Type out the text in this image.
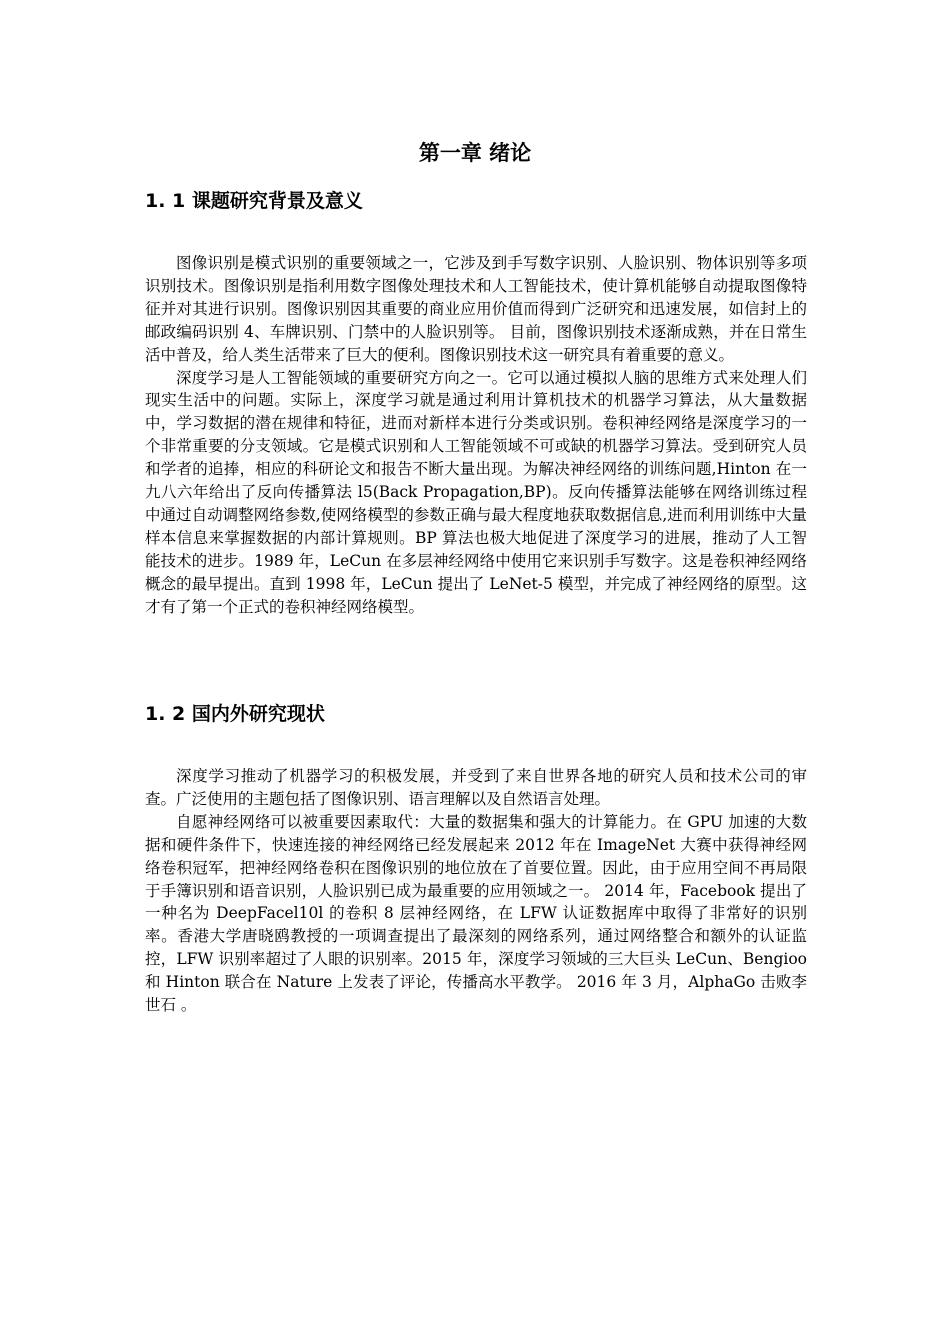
第一章 绪论
1. 1 课题研究背景及意义

图像识别是模式识别的重要领域之一，它涉及到手写数字识别、人脸识别、物体识别等多项识别技术。图像识别是指利用数字图像处理技术和人工智能技术，使计算机能够自动提取图像特征并对其进行识别。图像识别因其重要的商业应用价值而得到广泛研究和迅速发展，如信封上的邮政编码识别 4、车牌识别、门禁中的人脸识别等。 目前，图像识别技术逐渐成熟，并在日常生活中普及，给人类生活带来了巨大的便利。图像识别技术这一研究具有着重要的意义。

深度学习是人工智能领域的重要研究方向之一。它可以通过模拟人脑的思维方式来处理人们现实生活中的问题。实际上，深度学习就是通过利用计算机技术的机器学习算法，从大量数据中，学习数据的潜在规律和特征，进而对新样本进行分类或识别。卷积神经网络是深度学习的一个非常重要的分支领域。它是模式识别和人工智能领域不可或缺的机器学习算法。受到研究人员和学者的追捧，相应的科研论文和报告不断大量出现。为解决神经网络的训练问题,Hinton 在一九八六年给出了反向传播算法 l5(Back Propagation,BP)。反向传播算法能够在网络训练过程中通过自动调整网络参数,使网络模型的参数正确与最大程度地获取数据信息,进而利用训练中大量样本信息来掌握数据的内部计算规则。BP 算法也极大地促进了深度学习的进展，推动了人工智能技术的进步。1989 年，LeCun 在多层神经网络中使用它来识别手写数字。这是卷积神经网络概念的最早提出。直到 1998 年，LeCun 提出了 LeNet-5 模型，并完成了神经网络的原型。这才有了第一个正式的卷积神经网络模型。

1. 2 国内外研究现状

深度学习推动了机器学习的积极发展，并受到了来自世界各地的研究人员和技术公司的审查。广泛使用的主题包括了图像识别、语言理解以及自然语言处理。

自愿神经网络可以被重要因素取代：大量的数据集和强大的计算能力。在 GPU 加速的大数据和硬件条件下，快速连接的神经网络已经发展起来 2012 年在 ImageNet 大赛中获得神经网络卷积冠军，把神经网络卷积在图像识别的地位放在了首要位置。因此，由于应用空间不再局限于手簿识别和语音识别，人脸识别已成为最重要的应用领域之一。 2014 年，Facebook 提出了一种名为 DeepFacel10l 的卷积 8 层神经网络，在 LFW 认证数据库中取得了非常好的识别率。香港大学唐晓鸥教授的一项调查提出了最深刻的网络系列，通过网络整合和额外的认证监控，LFW 识别率超过了人眼的识别率。2015 年，深度学习领域的三大巨头 LeCun、Bengioo 和 Hinton 联合在 Nature 上发表了评论，传播高水平教学。 2016 年 3 月，AlphaGo 击败李世石 。
